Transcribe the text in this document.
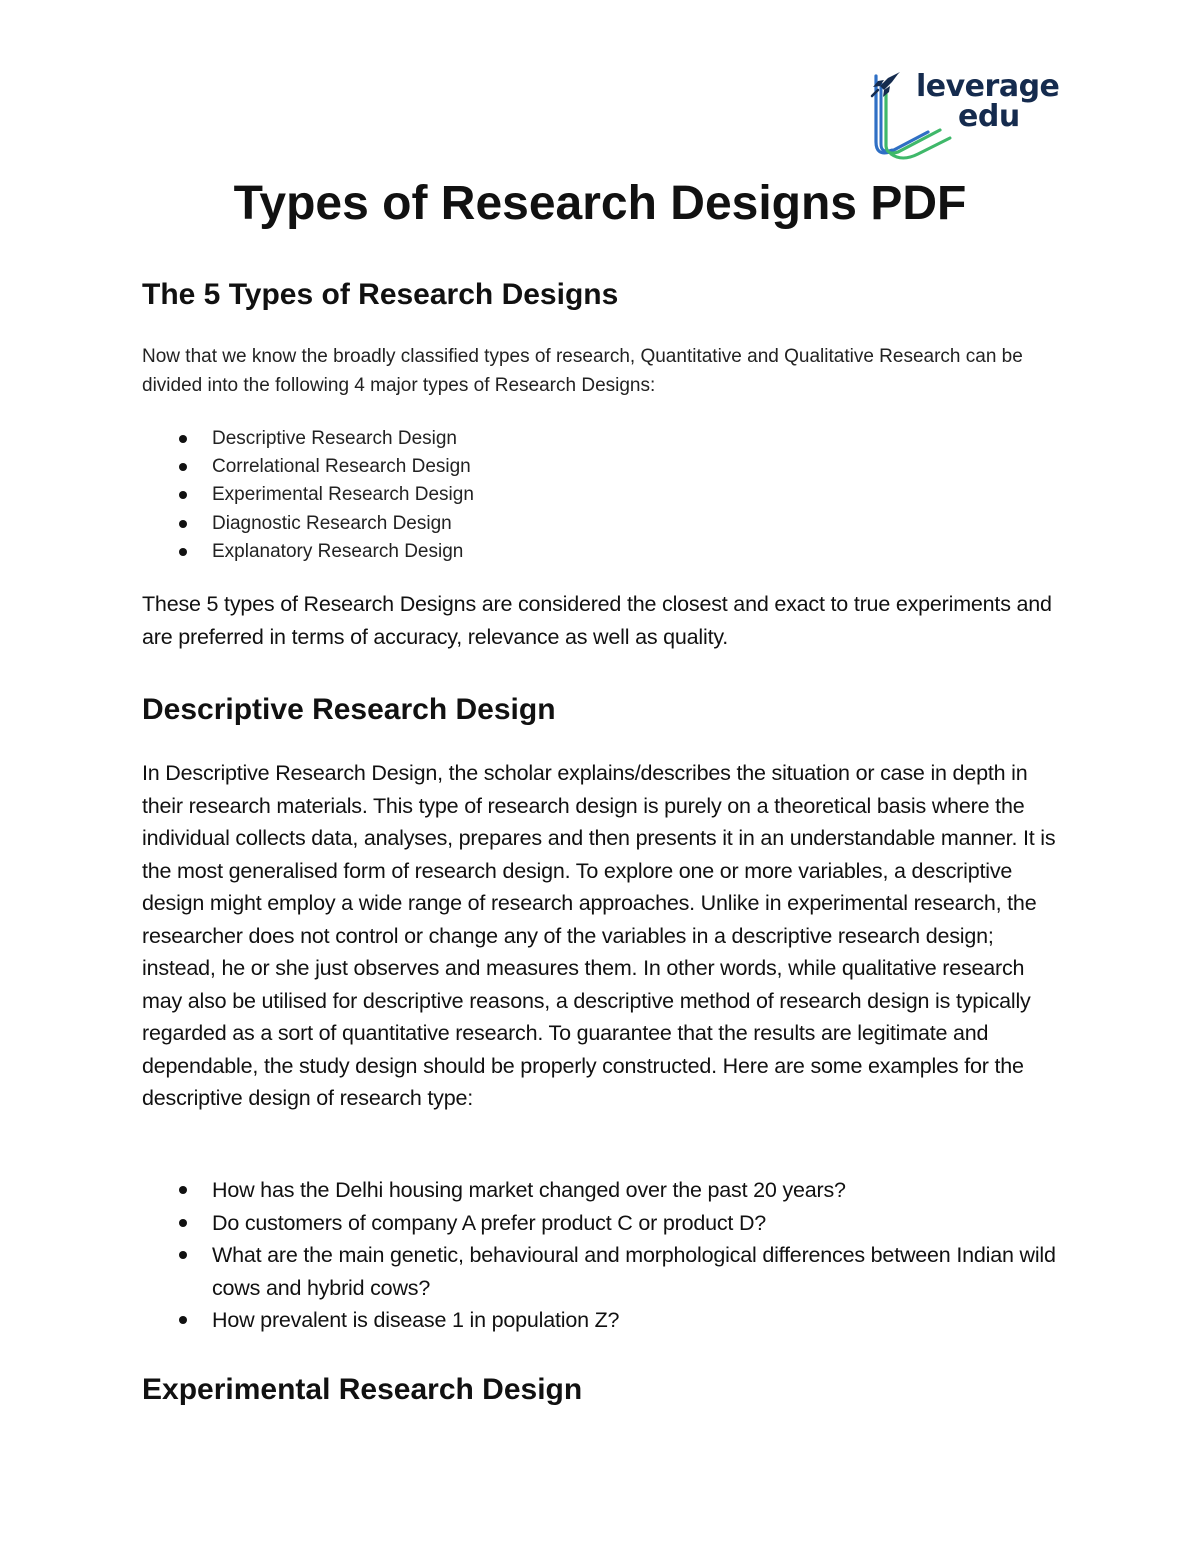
leverage
edu
Types of Research Designs PDF
The 5 Types of Research Designs

Now that we know the broadly classified types of research, Quantitative and Qualitative Research can be divided into the following 4 major types of Research Designs:

Descriptive Research Design
Correlational Research Design
Experimental Research Design
Diagnostic Research Design
Explanatory Research Design

These 5 types of Research Designs are considered the closest and exact to true experiments and are preferred in terms of accuracy, relevance as well as quality.

Descriptive Research Design

In Descriptive Research Design, the scholar explains/describes the situation or case in depth in their research materials. This type of research design is purely on a theoretical basis where the individual collects data, analyses, prepares and then presents it in an understandable manner. It is the most generalised form of research design. To explore one or more variables, a descriptive design might employ a wide range of research approaches. Unlike in experimental research, the researcher does not control or change any of the variables in a descriptive research design; instead, he or she just observes and measures them. In other words, while qualitative research may also be utilised for descriptive reasons, a descriptive method of research design is typically regarded as a sort of quantitative research. To guarantee that the results are legitimate and dependable, the study design should be properly constructed. Here are some examples for the descriptive design of research type:

How has the Delhi housing market changed over the past 20 years?
Do customers of company A prefer product C or product D?
What are the main genetic, behavioural and morphological differences between Indian wild cows and hybrid cows?
How prevalent is disease 1 in population Z?
Experimental Research Design
